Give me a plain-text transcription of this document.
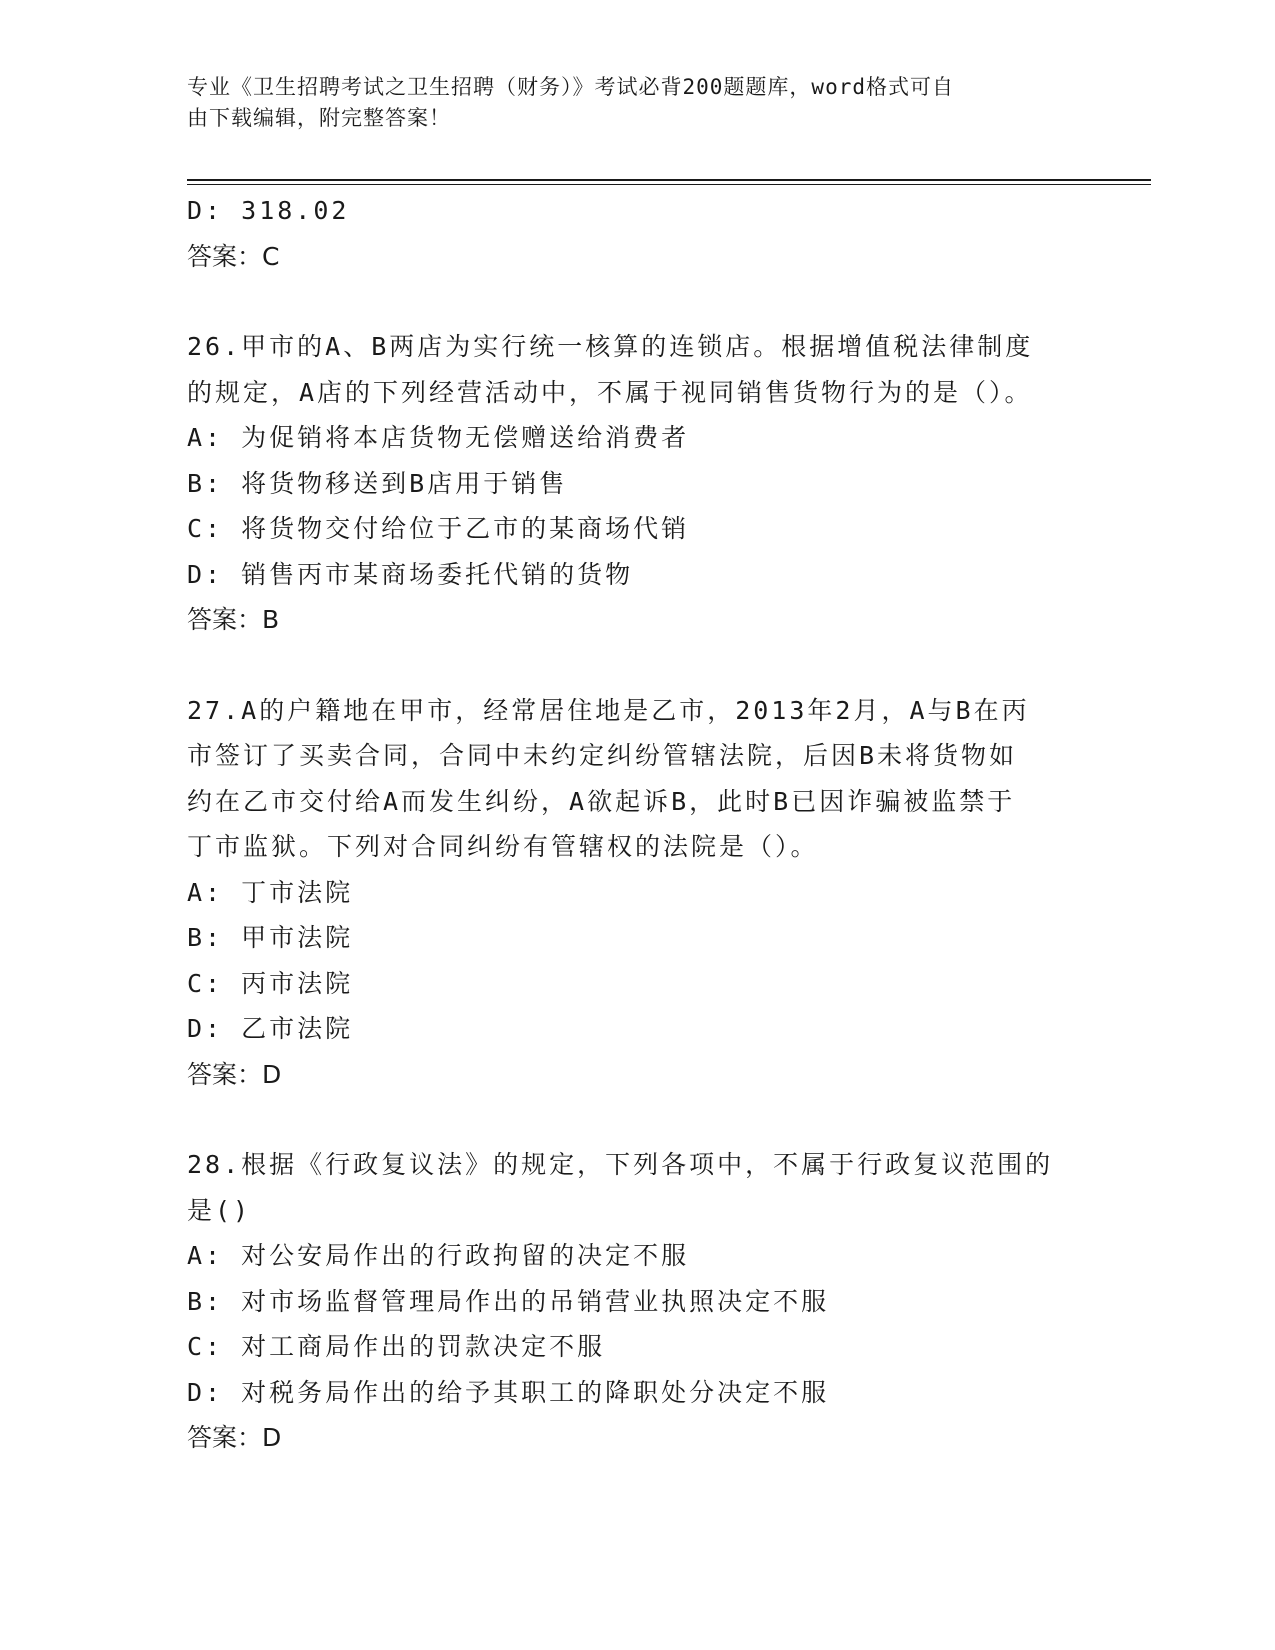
专业《卫生招聘考试之卫生招聘（财务）》考试必背200题题库，word格式可自
由下载编辑，附完整答案！
D: 318.02
答案：C
26.甲市的A、B两店为实行统一核算的连锁店。根据增值税法律制度
的规定，A店的下列经营活动中，不属于视同销售货物行为的是（）。
A: 为促销将本店货物无偿赠送给消费者
B: 将货物移送到B店用于销售
C: 将货物交付给位于乙市的某商场代销
D: 销售丙市某商场委托代销的货物
答案：B
27.A的户籍地在甲市，经常居住地是乙市，2013年2月，A与B在丙
市签订了买卖合同，合同中未约定纠纷管辖法院，后因B未将货物如
约在乙市交付给A而发生纠纷，A欲起诉B，此时B已因诈骗被监禁于
丁市监狱。下列对合同纠纷有管辖权的法院是（）。
A: 丁市法院
B: 甲市法院
C: 丙市法院
D: 乙市法院
答案：D
28.根据《行政复议法》的规定，下列各项中，不属于行政复议范围的
是()
A: 对公安局作出的行政拘留的决定不服
B: 对市场监督管理局作出的吊销营业执照决定不服
C: 对工商局作出的罚款决定不服
D: 对税务局作出的给予其职工的降职处分决定不服
答案：D
